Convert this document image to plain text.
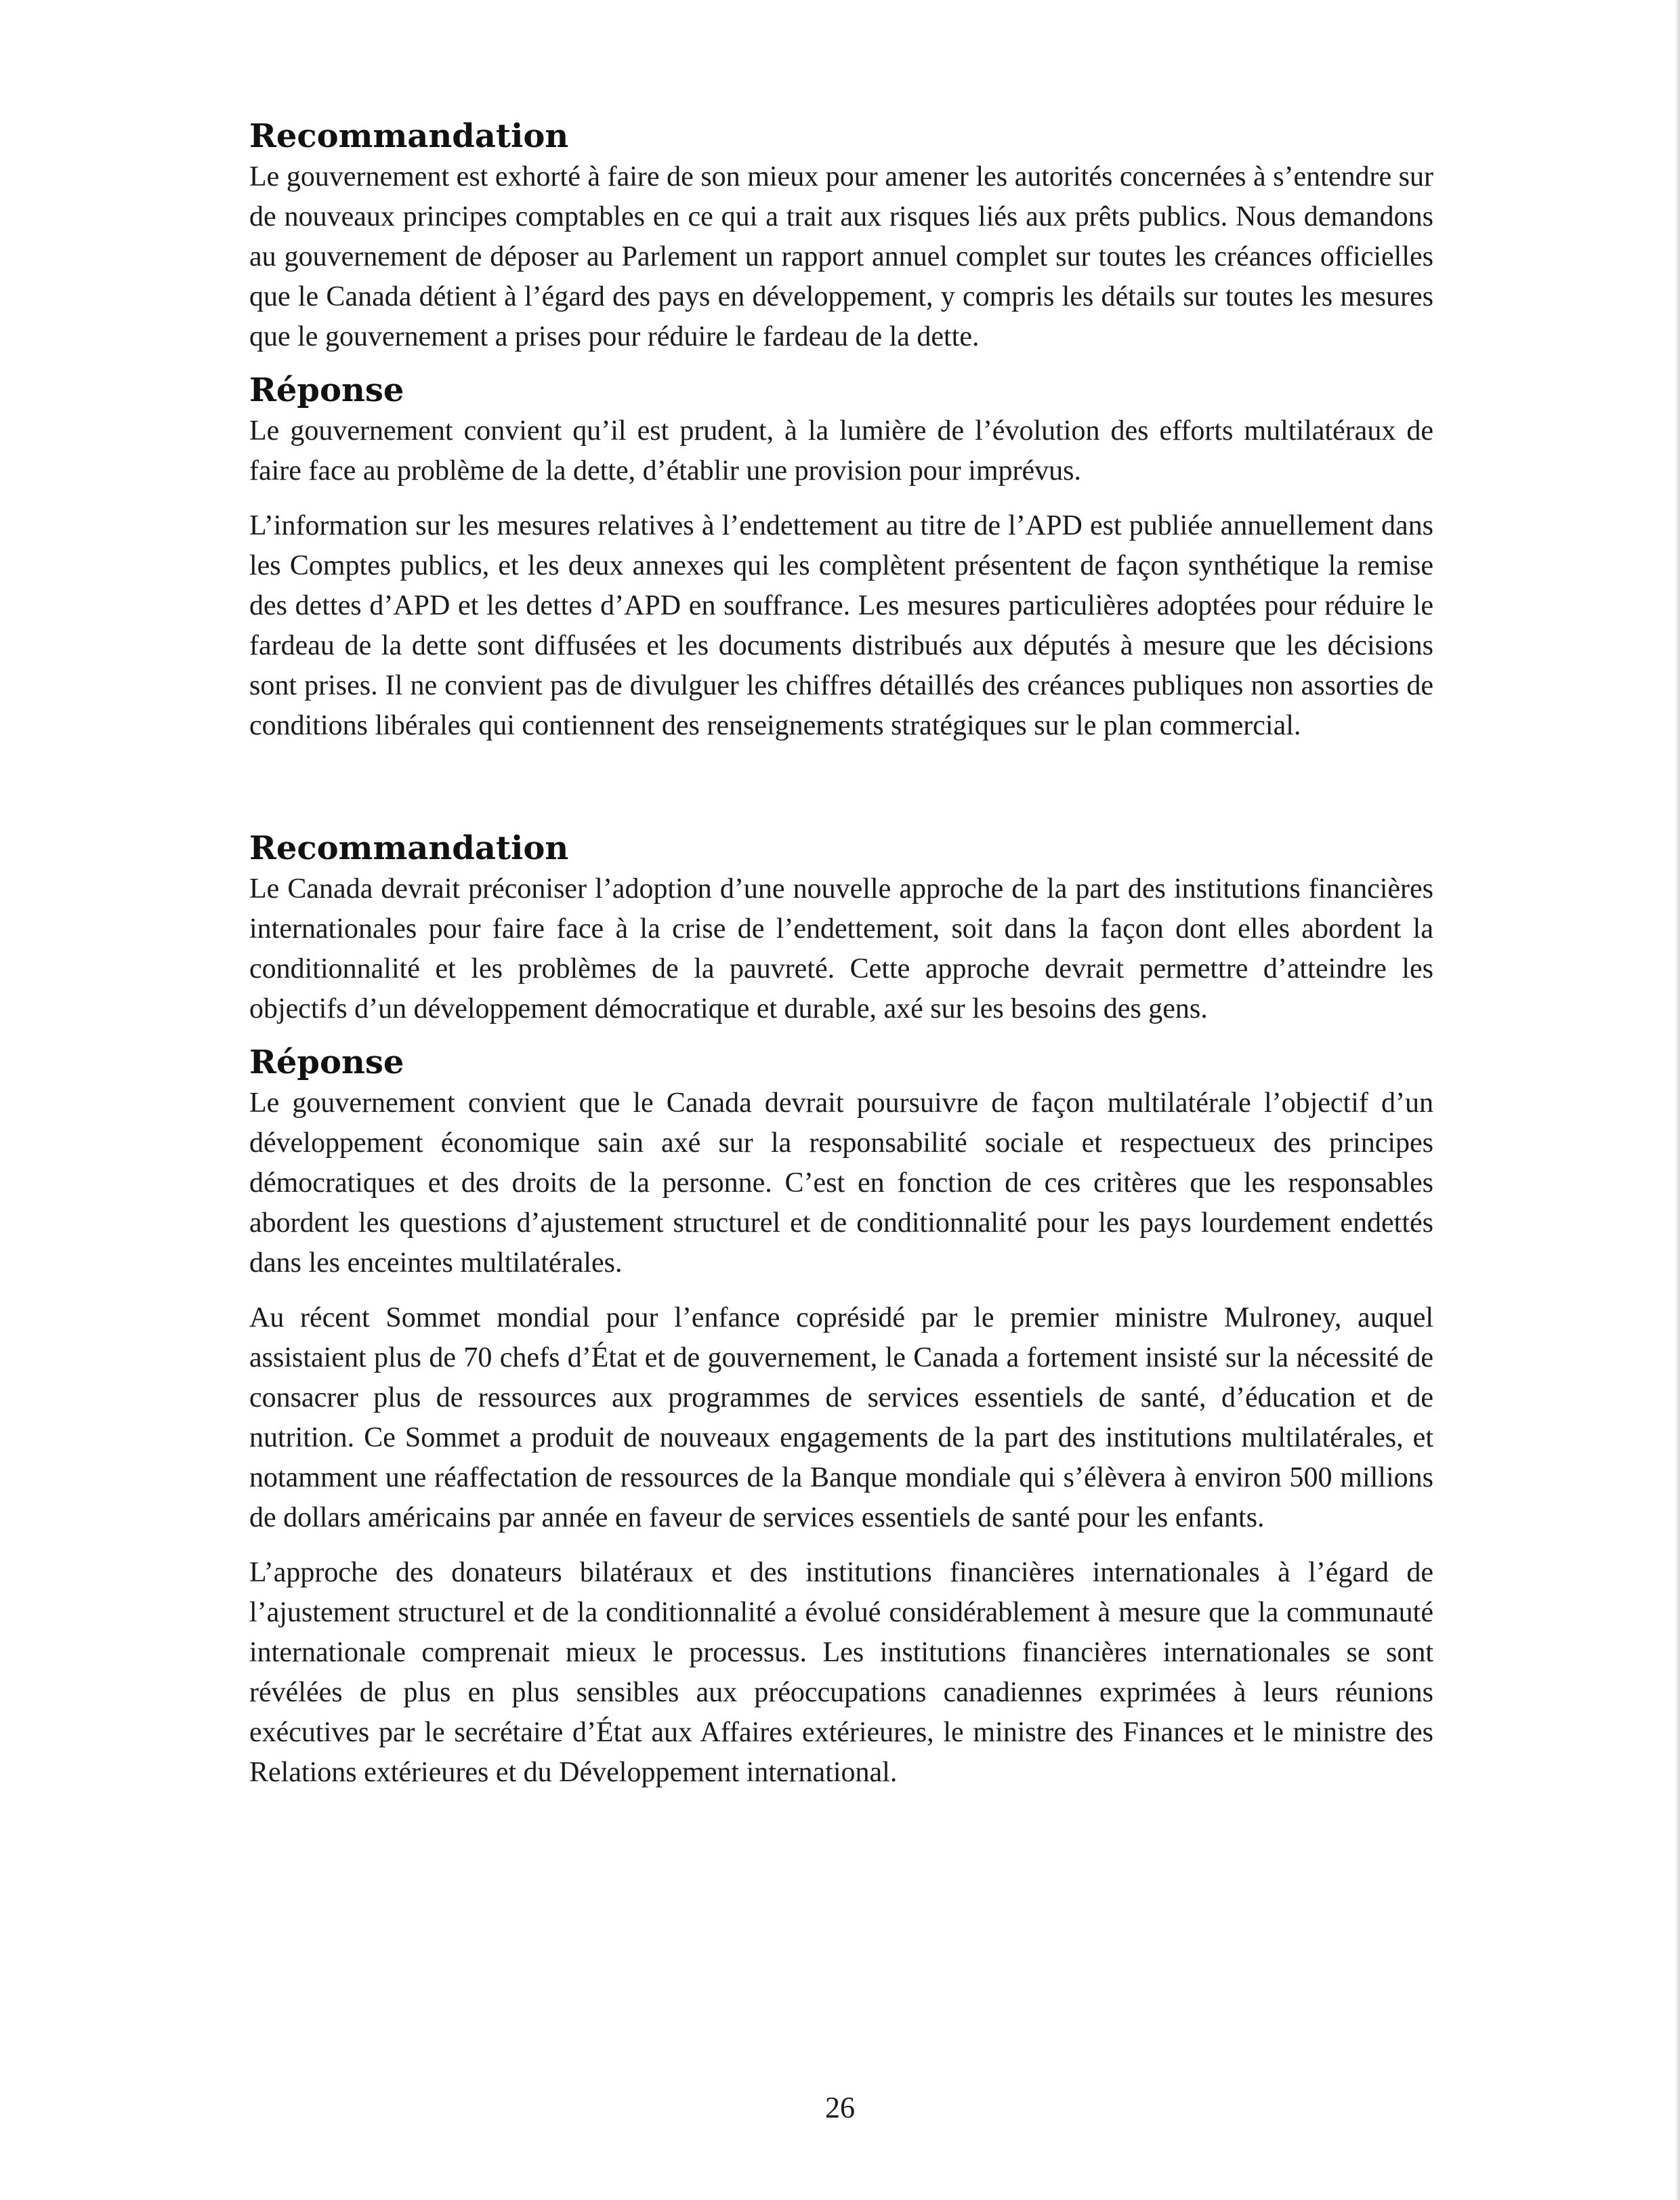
Recommandation

Le gouvernement est exhorté à faire de son mieux pour amener les autorités concernées à s’entendre sur de nouveaux principes comptables en ce qui a trait aux risques liés aux prêts publics. Nous demandons au gouvernement de déposer au Parlement un rapport annuel complet sur toutes les créances officielles que le Canada détient à l’égard des pays en développement, y compris les détails sur toutes les mesures que le gouvernement a prises pour réduire le fardeau de la dette.

Réponse

Le gouvernement convient qu’il est prudent, à la lumière de l’évolution des efforts multilatéraux de faire face au problème de la dette, d’établir une provision pour imprévus.

L’information sur les mesures relatives à l’endettement au titre de l’APD est publiée annuellement dans les Comptes publics, et les deux annexes qui les complètent présentent de façon synthétique la remise des dettes d’APD et les dettes d’APD en souffrance. Les mesures particulières adoptées pour réduire le fardeau de la dette sont diffusées et les documents distribués aux députés à mesure que les décisions sont prises. Il ne convient pas de divulguer les chiffres détaillés des créances publiques non assorties de conditions libérales qui contiennent des renseignements stratégiques sur le plan commercial.

Recommandation

Le Canada devrait préconiser l’adoption d’une nouvelle approche de la part des institutions financières internationales pour faire face à la crise de l’endettement, soit dans la façon dont elles abordent la conditionnalité et les problèmes de la pauvreté. Cette approche devrait permettre d’atteindre les objectifs d’un développement démocratique et durable, axé sur les besoins des gens.

Réponse

Le gouvernement convient que le Canada devrait poursuivre de façon multilatérale l’objectif d’un développement économique sain axé sur la responsabilité sociale et respectueux des principes démocratiques et des droits de la personne. C’est en fonction de ces critères que les responsables abordent les questions d’ajustement structurel et de conditionnalité pour les pays lourdement endettés dans les enceintes multilatérales.

Au récent Sommet mondial pour l’enfance coprésidé par le premier ministre Mulroney, auquel assistaient plus de 70 chefs d’État et de gouvernement, le Canada a fortement insisté sur la nécessité de consacrer plus de ressources aux programmes de services essentiels de santé, d’éducation et de nutrition. Ce Sommet a produit de nouveaux engagements de la part des institutions multilatérales, et notamment une réaffectation de ressources de la Banque mondiale qui s’élèvera à environ 500 millions de dollars américains par année en faveur de services essentiels de santé pour les enfants.

L’approche des donateurs bilatéraux et des institutions financières internationales à l’égard de l’ajustement structurel et de la conditionnalité a évolué considérablement à mesure que la communauté internationale comprenait mieux le processus. Les institutions financières internationales se sont révélées de plus en plus sensibles aux préoccupations canadiennes exprimées à leurs réunions exécutives par le secrétaire d’État aux Affaires extérieures, le ministre des Finances et le ministre des Relations extérieures et du Développement international.

26
